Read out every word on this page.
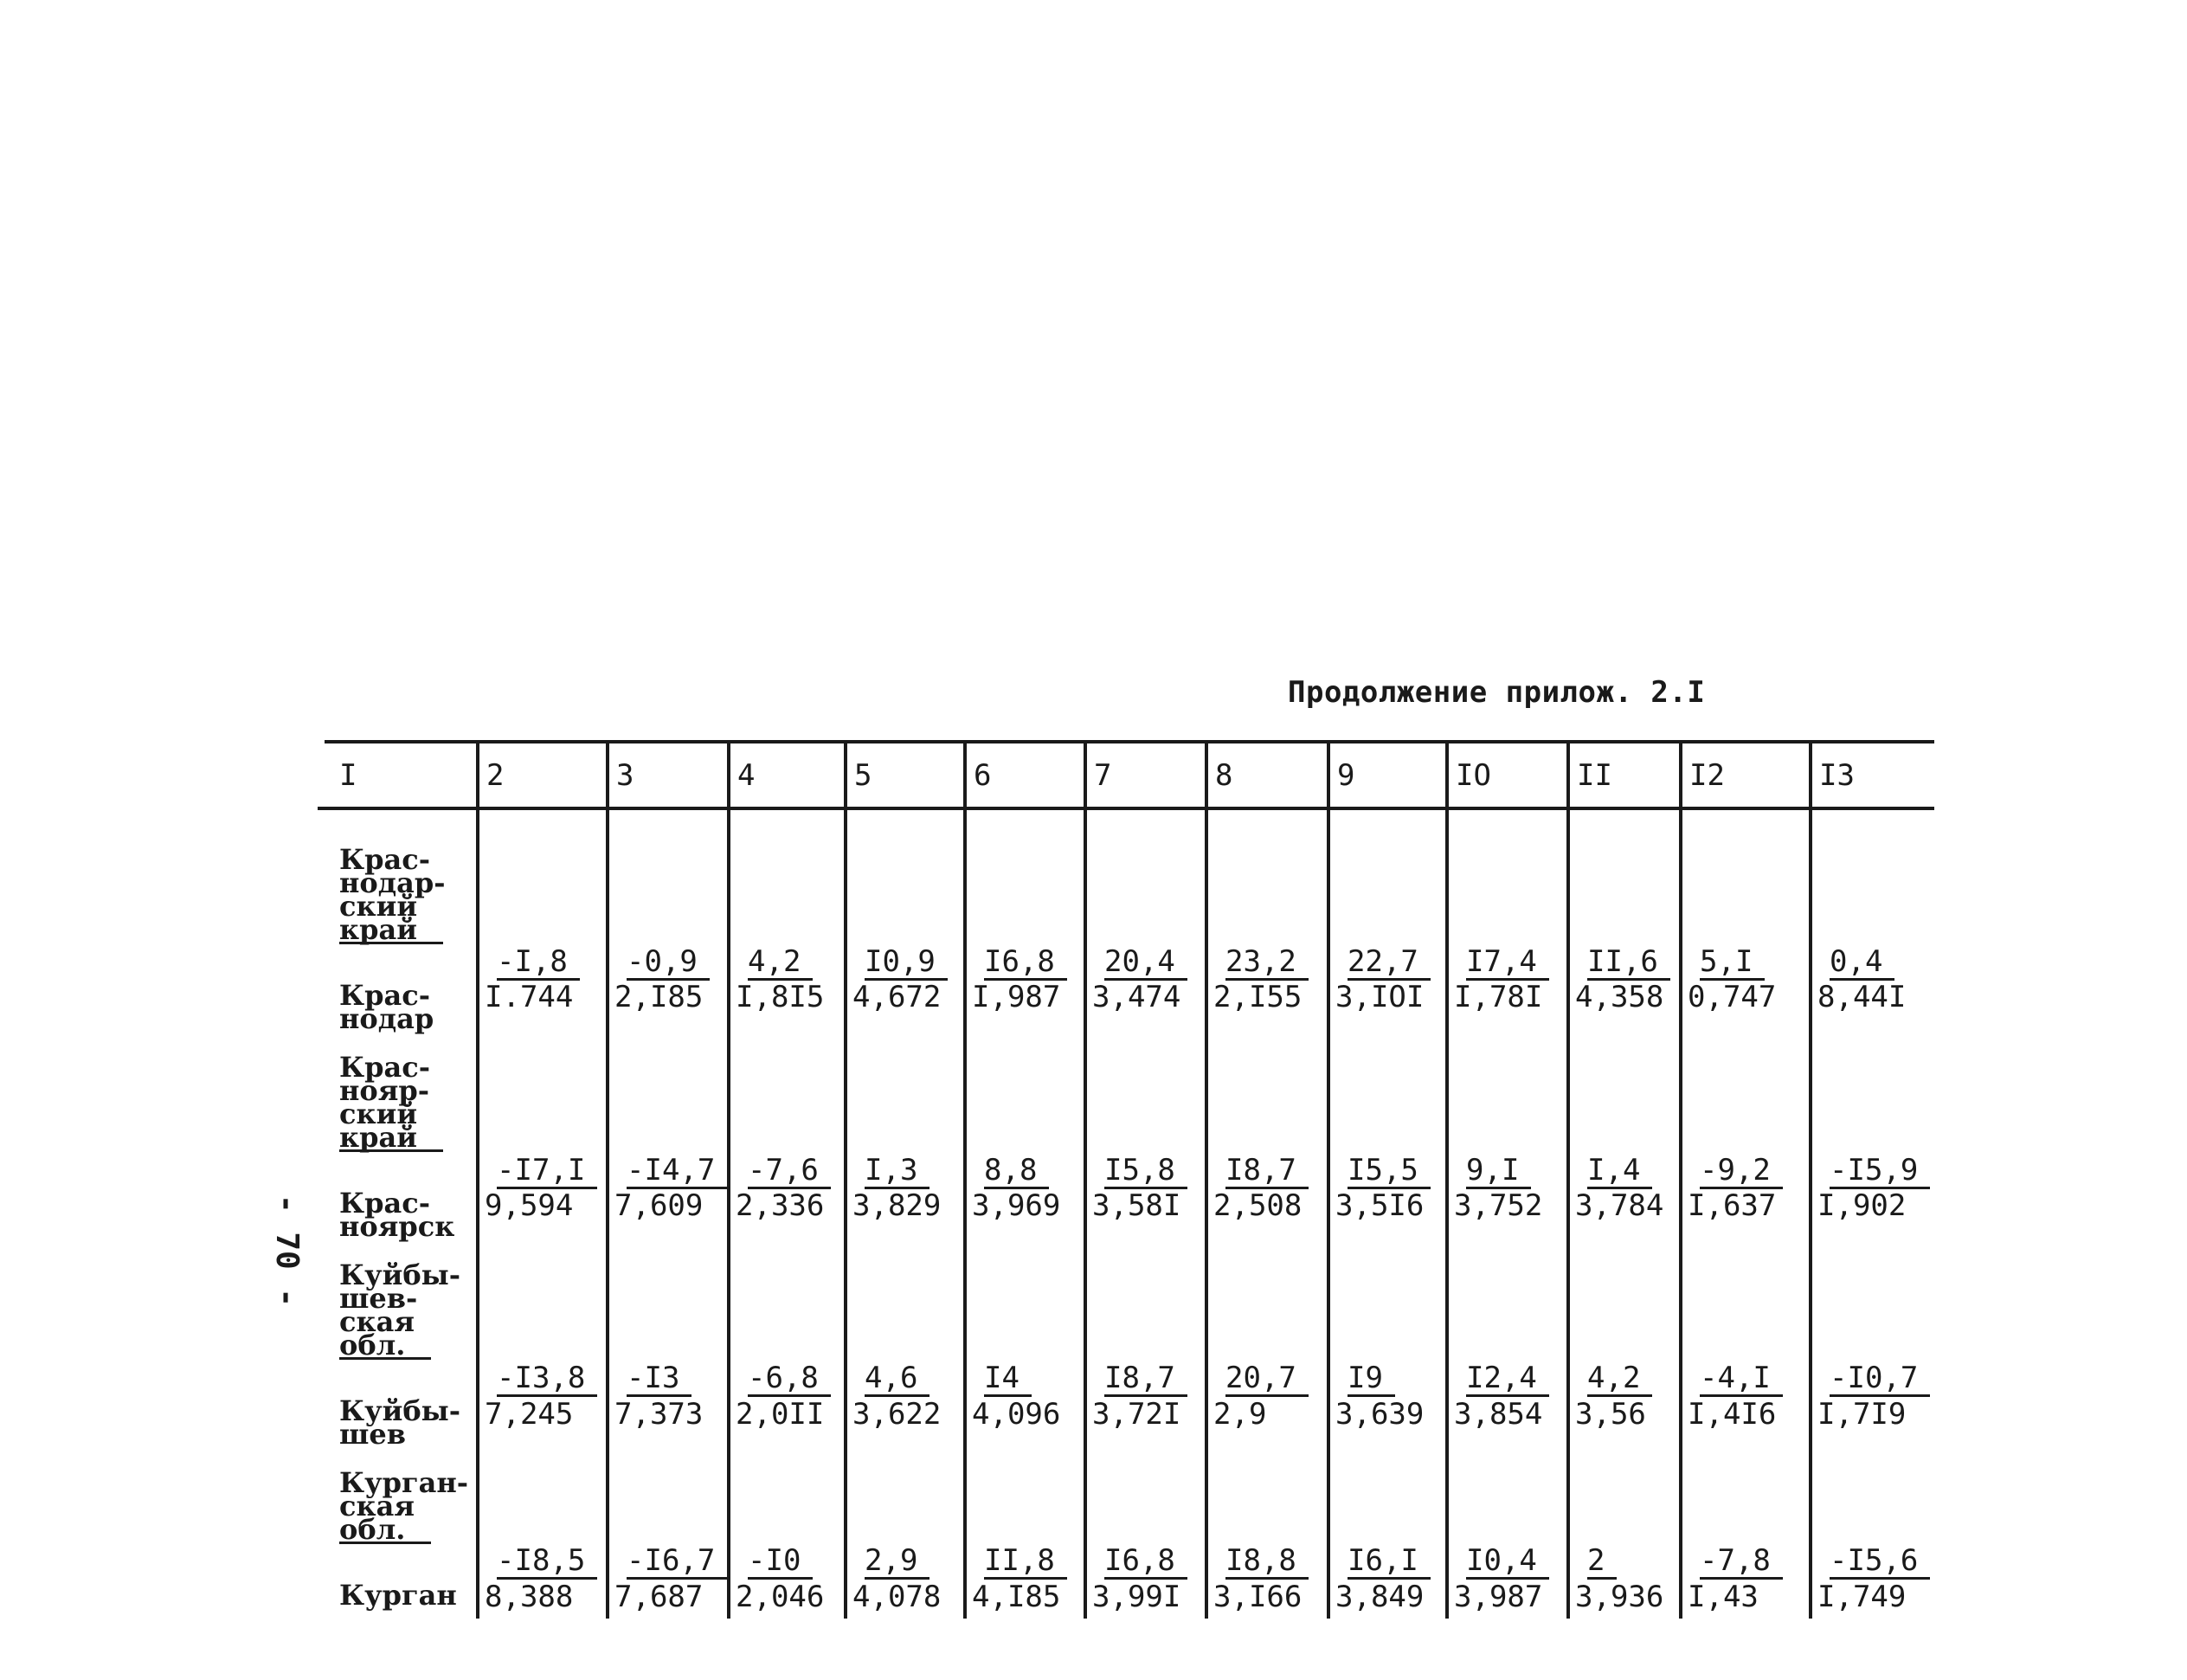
Продолжение прилож. 2.I
- 70 -
I	2	3	4	5	6	7	8	9	IO	II	I2	I3
Крас-
нодар-
ский
край
Крас-
нодар
-I,8	-0,9	4,2	I0,9	I6,8	20,4	23,2	22,7	I7,4	II,6	5,I	0,4
I.744 2,I85 I,8I5 4,672 I,987 3,474 2,I55 3,IOI I,78I 4,358 0,747 8,44I
Крас-
нояр-
ский
край
Крас-
ноярск
-I7,I	-I4,7	-7,6	I,3	8,8	I5,8	I8,7	I5,5	9,I	I,4	-9,2	-I5,9
9,594 7,609 2,336 3,829 3,969 3,58I 2,508 3,5I6 3,752 3,784 I,637 I,902
Куйбы-
шев-
ская
обл.
Куйбы-
шев
-I3,8	-I3	-6,8	4,6	I4	I8,7	20,7	I9	I2,4	4,2	-4,I	-I0,7
7,245 7,373 2,0II 3,622 4,096 3,72I 2,9 3,639 3,854 3,56 I,4I6 I,7I9
Курган-
ская
обл.
Курган
-I8,5	-I6,7	-I0	2,9	II,8	I6,8	I8,8	I6,I	I0,4	2	-7,8	-I5,6
8,388 7,687 2,046 4,078 4,I85 3,99I 3,I66 3,849 3,987 3,936 I,43 I,749
